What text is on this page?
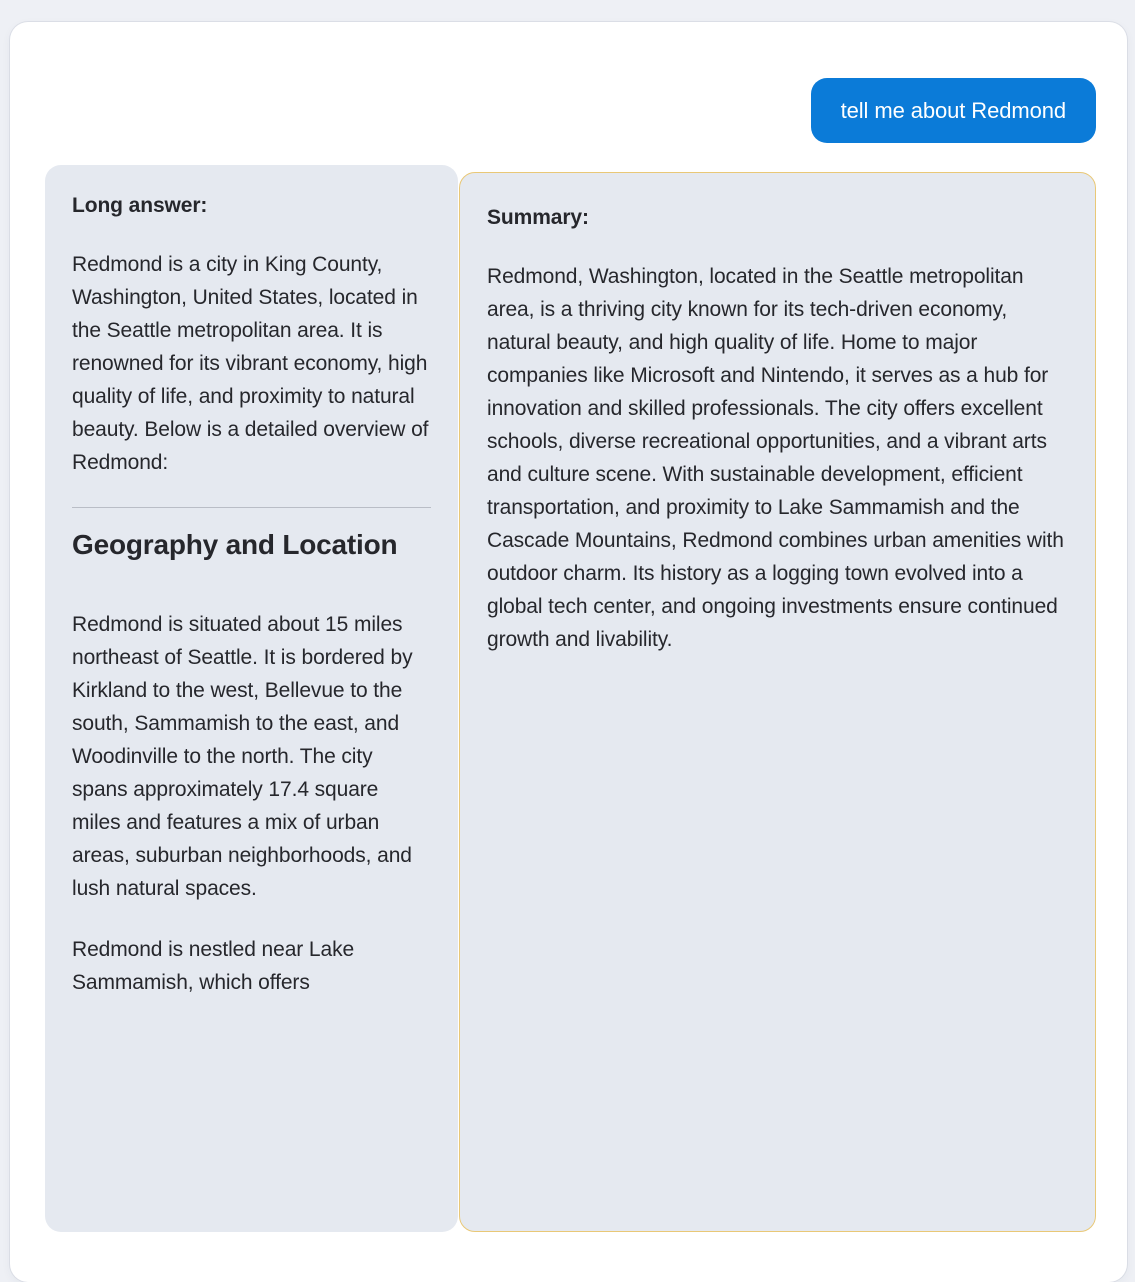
tell me about Redmond

Long answer:

Redmond is a city in King County, Washington, United States, located in the Seattle metropolitan area. It is renowned for its vibrant economy, high quality of life, and proximity to natural beauty. Below is a detailed overview of Redmond:

Geography and Location

Redmond is situated about 15 miles northeast of Seattle. It is bordered by Kirkland to the west, Bellevue to the south, Sammamish to the east, and Woodinville to the north. The city spans approximately 17.4 square miles and features a mix of urban areas, suburban neighborhoods, and lush natural spaces.

Redmond is nestled near Lake Sammamish, which offers

Summary:

Redmond, Washington, located in the Seattle metropolitan area, is a thriving city known for its tech-driven economy, natural beauty, and high quality of life. Home to major companies like Microsoft and Nintendo, it serves as a hub for innovation and skilled professionals. The city offers excellent schools, diverse recreational opportunities, and a vibrant arts and culture scene. With sustainable development, efficient transportation, and proximity to Lake Sammamish and the Cascade Mountains, Redmond combines urban amenities with outdoor charm. Its history as a logging town evolved into a global tech center, and ongoing investments ensure continued growth and livability.
